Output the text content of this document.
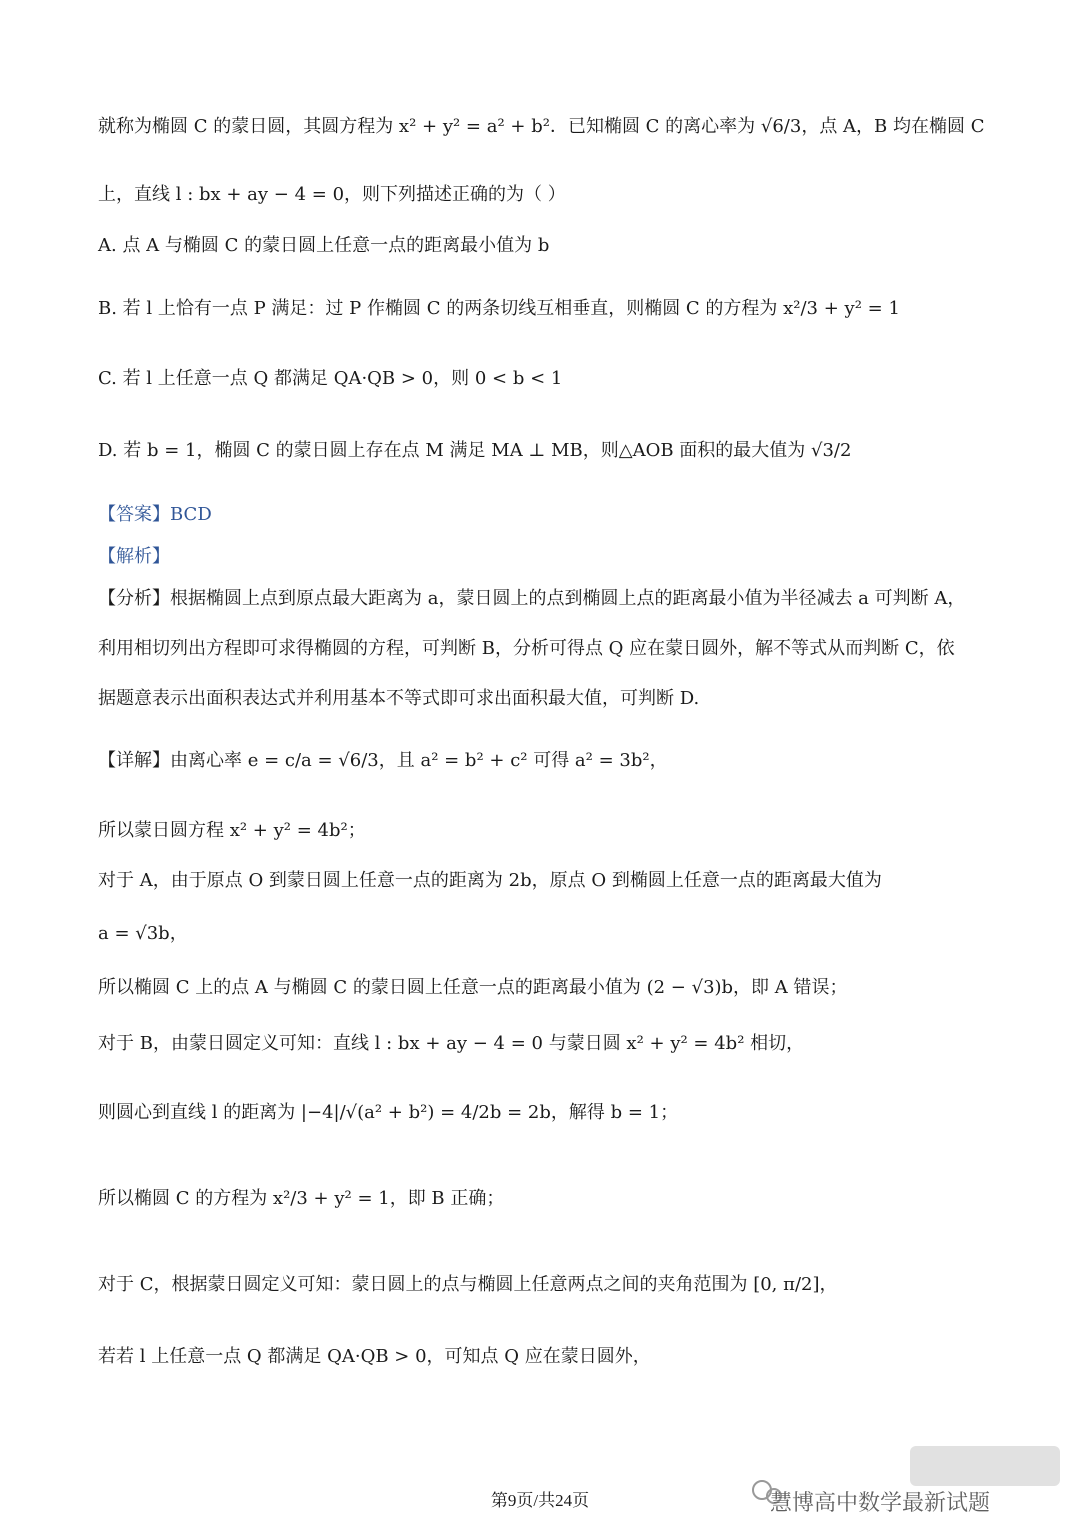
就称为椭圆 C 的蒙日圆，其圆方程为 x² + y² = a² + b²．已知椭圆 C 的离心率为 √6/3，点 A，B 均在椭圆 C
上，直线 l : bx + ay − 4 = 0，则下列描述正确的为（ ）
A. 点 A 与椭圆 C 的蒙日圆上任意一点的距离最小值为 b
B. 若 l 上恰有一点 P 满足：过 P 作椭圆 C 的两条切线互相垂直，则椭圆 C 的方程为 x²/3 + y² = 1
C. 若 l 上任意一点 Q 都满足 QA·QB > 0，则 0 < b < 1
D. 若 b = 1，椭圆 C 的蒙日圆上存在点 M 满足 MA ⊥ MB，则△AOB 面积的最大值为 √3/2
【答案】BCD
【解析】
【分析】根据椭圆上点到原点最大距离为 a，蒙日圆上的点到椭圆上点的距离最小值为半径减去 a 可判断 A，
利用相切列出方程即可求得椭圆的方程，可判断 B，分析可得点 Q 应在蒙日圆外，解不等式从而判断 C，依
据题意表示出面积表达式并利用基本不等式即可求出面积最大值，可判断 D.
【详解】由离心率 e = c/a = √6/3，且 a² = b² + c² 可得 a² = 3b²，
所以蒙日圆方程 x² + y² = 4b²；
对于 A，由于原点 O 到蒙日圆上任意一点的距离为 2b，原点 O 到椭圆上任意一点的距离最大值为
a = √3b，
所以椭圆 C 上的点 A 与椭圆 C 的蒙日圆上任意一点的距离最小值为 (2 − √3)b，即 A 错误；
对于 B，由蒙日圆定义可知：直线 l : bx + ay − 4 = 0 与蒙日圆 x² + y² = 4b² 相切，
则圆心到直线 l 的距离为 |−4|/√(a² + b²) = 4/2b = 2b，解得 b = 1；
所以椭圆 C 的方程为 x²/3 + y² = 1，即 B 正确；
对于 C，根据蒙日圆定义可知：蒙日圆上的点与椭圆上任意两点之间的夹角范围为 [0, π/2]，
若若 l 上任意一点 Q 都满足 QA·QB > 0，可知点 Q 应在蒙日圆外，
第9页/共24页	慧博高中数学最新试题
